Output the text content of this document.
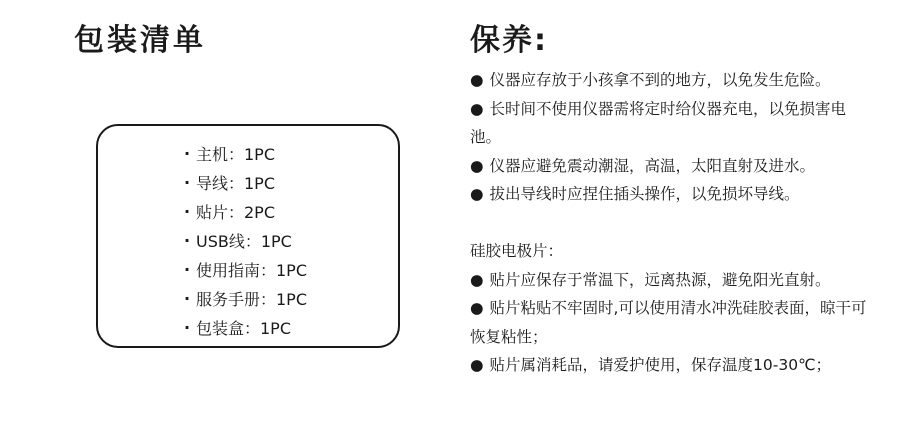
包装清单
· 主机：1PC
· 导线：1PC
· 贴片：2PC
· USB线：1PC
· 使用指南：1PC
· 服务手册：1PC
· 包装盒：1PC
保养:

● 仪器应存放于小孩拿不到的地方，以免发生危险。

● 长时间不使用仪器需将定时给仪器充电，以免损害电池。

● 仪器应避免震动潮湿，高温，太阳直射及进水。

● 拔出导线时应捏住插头操作，以免损坏导线。

硅胶电极片：

● 贴片应保存于常温下，远离热源，避免阳光直射。

● 贴片粘贴不牢固时,可以使用清水冲洗硅胶表面，晾干可恢复粘性；

● 贴片属消耗品，请爱护使用，保存温度10-30℃；
